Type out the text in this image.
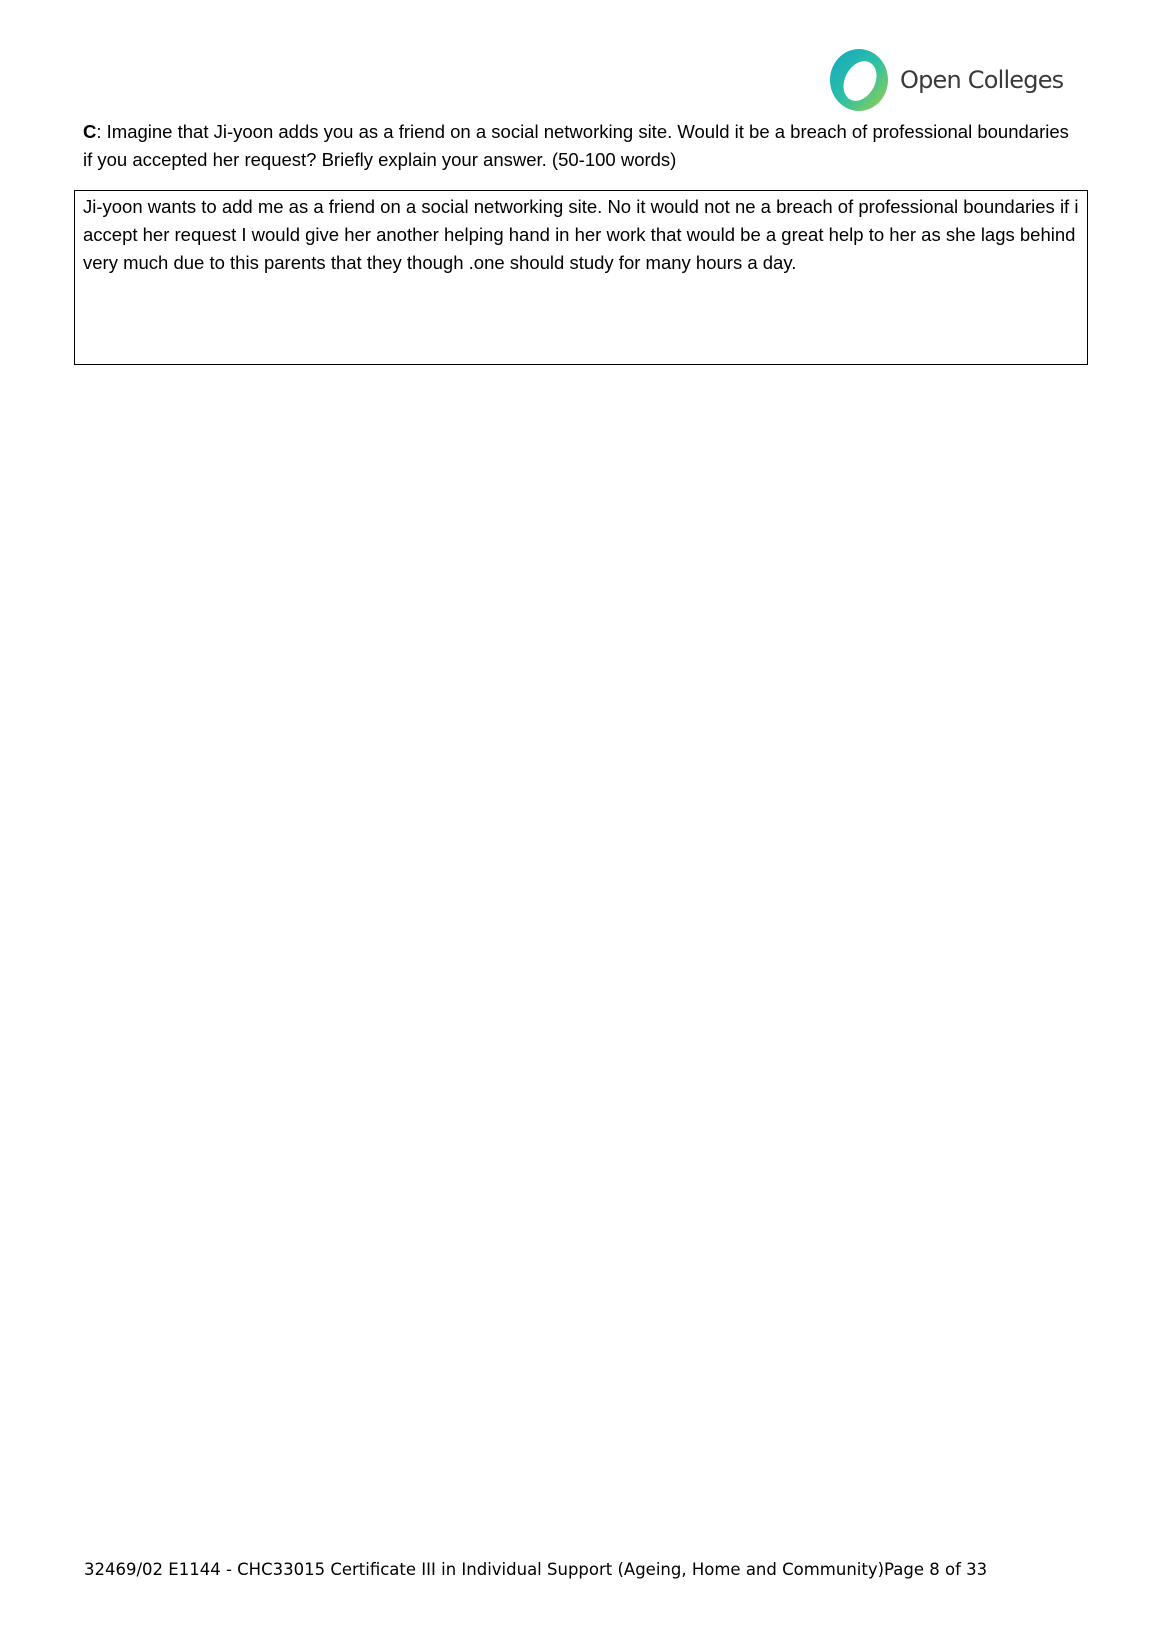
Open Colleges
C: Imagine that Ji-yoon adds you as a friend on a social networking site. Would it be a breach of professional boundaries if you accepted her request? Briefly explain your answer. (50-100 words)
Ji-yoon wants to add me as a friend on a social networking site. No it would not ne a breach of professional boundaries if i accept her request I would give her another helping hand in her work that would be a great help to her as she lags behind very much due to this parents that they though .one should study for many hours a day.
32469/02 E1144 - CHC33015 Certificate III in Individual Support (Ageing, Home and Community)Page 8 of 33
